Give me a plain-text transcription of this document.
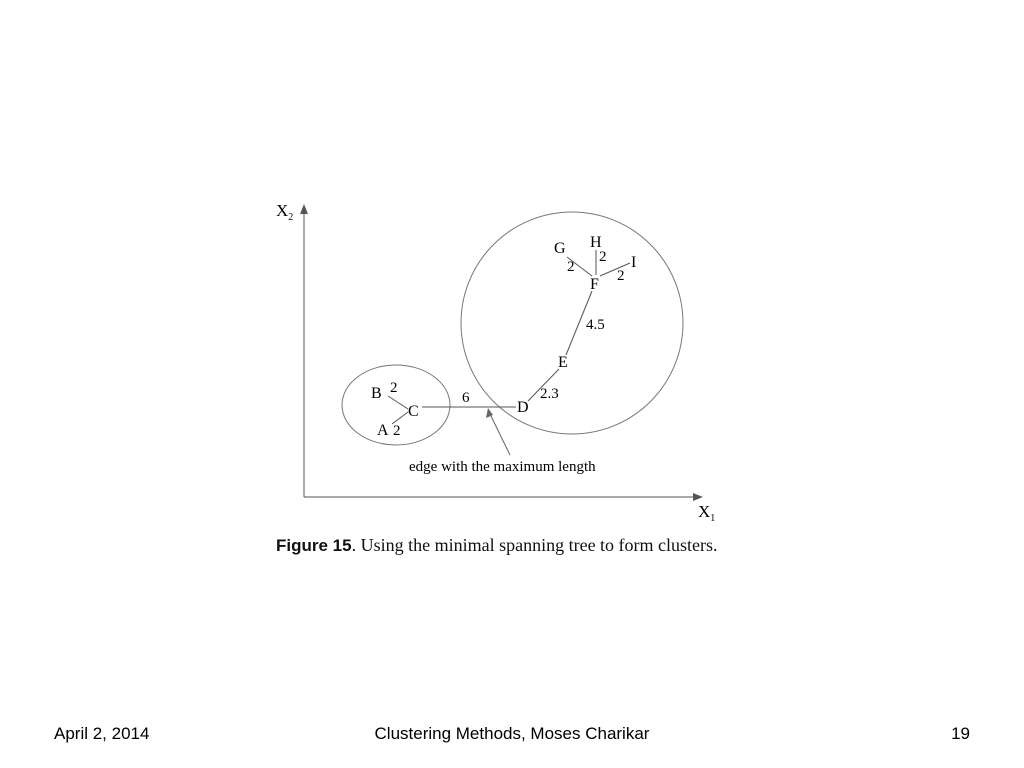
$X_2$
$X_1$
B
A
C	D
E
F
G H
I
2
2
6	2.3
4.5
2
2
2
edge with the maximum length
Figure 15. Using the minimal spanning tree to form clusters.
April 2, 2014	Clustering Methods, Moses Charikar	19
